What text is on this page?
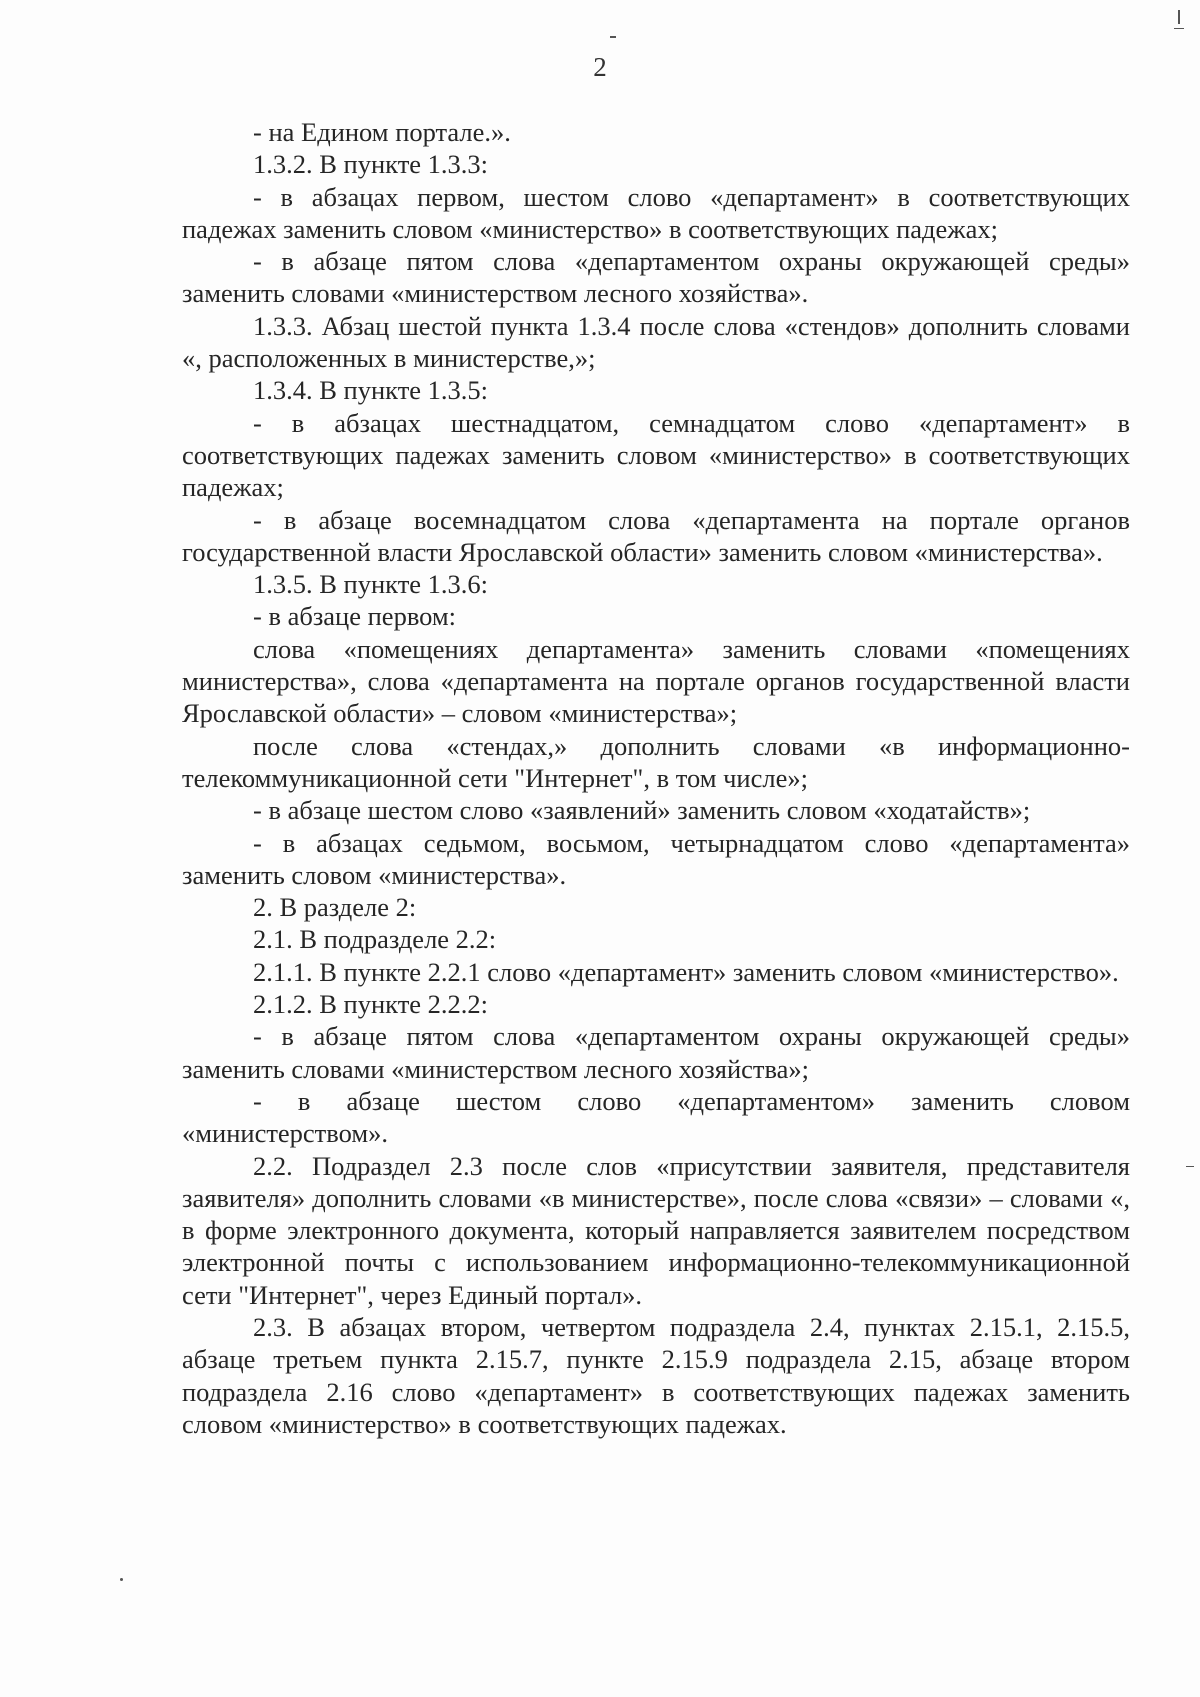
2

- на Едином портале.».

1.3.2. В пункте 1.3.3:

- в абзацах первом, шестом слово «департамент» в соответствующих падежах заменить словом «министерство» в соответствующих падежах;

- в абзаце пятом слова «департаментом охраны окружающей среды» заменить словами «министерством лесного хозяйства».

1.3.3. Абзац шестой пункта 1.3.4 после слова «стендов» дополнить словами «, расположенных в министерстве,»;

1.3.4. В пункте 1.3.5:

- в абзацах шестнадцатом, семнадцатом слово «департамент» в соответствующих падежах заменить словом «министерство» в соответствующих падежах;

- в абзаце восемнадцатом слова «департамента на портале органов государственной власти Ярославской области» заменить словом «министерства».

1.3.5. В пункте 1.3.6:

- в абзаце первом:

слова «помещениях департамента» заменить словами «помещениях министерства», слова «департамента на портале органов государственной власти Ярославской области» – словом «министерства»;

после слова «стендах,» дополнить словами «в информационно-телекоммуникационной сети "Интернет", в том числе»;

- в абзаце шестом слово «заявлений» заменить словом «ходатайств»;

- в абзацах седьмом, восьмом, четырнадцатом слово «департамента» заменить словом «министерства».

2. В разделе 2:

2.1. В подразделе 2.2:

2.1.1. В пункте 2.2.1 слово «департамент» заменить словом «министерство».

2.1.2. В пункте 2.2.2:

- в абзаце пятом слова «департаментом охраны окружающей среды» заменить словами «министерством лесного хозяйства»;

- в абзаце шестом слово «департаментом» заменить словом «министерством».

2.2. Подраздел 2.3 после слов «присутствии заявителя, представителя заявителя» дополнить словами «в министерстве», после слова «связи» – словами «, в форме электронного документа, который направляется заявителем посредством электронной почты с использованием информационно-телекоммуникационной сети "Интернет", через Единый портал».

2.3. В абзацах втором, четвертом подраздела 2.4, пунктах 2.15.1, 2.15.5, абзаце третьем пункта 2.15.7, пункте 2.15.9 подраздела 2.15, абзаце втором подраздела 2.16 слово «департамент» в соответствующих падежах заменить словом «министерство» в соответствующих падежах.
